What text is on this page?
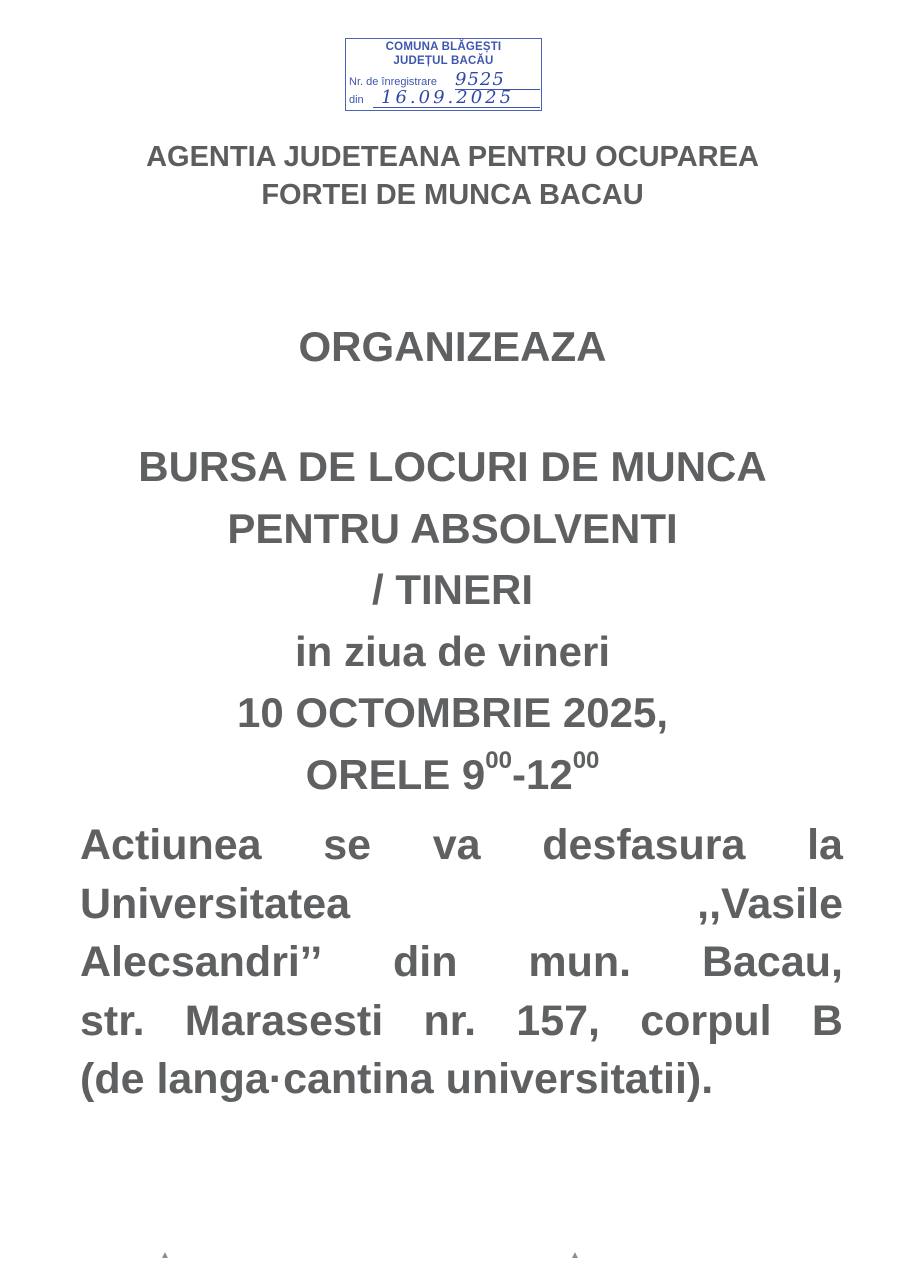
COMUNA BLĂGEȘTI
JUDEȚUL BACĂU
Nr. de înregistrare 9525
din 16.09.2025
AGENTIA JUDETEANA PENTRU OCUPAREA
FORTEI DE MUNCA BACAU
ORGANIZEAZA
BURSA DE LOCURI DE MUNCA
PENTRU ABSOLVENTI
/ TINERI
in ziua de vineri
10 OCTOMBRIE 2025,
ORELE $9^{00}-12^{00}$
Actiunea se va desfasura la
Universitatea	,,Vasile
Alecsandri’’ din mun. Bacau,
str. Marasesti nr. 157, corpul B
(de langa·cantina universitatii).
▲	▲
